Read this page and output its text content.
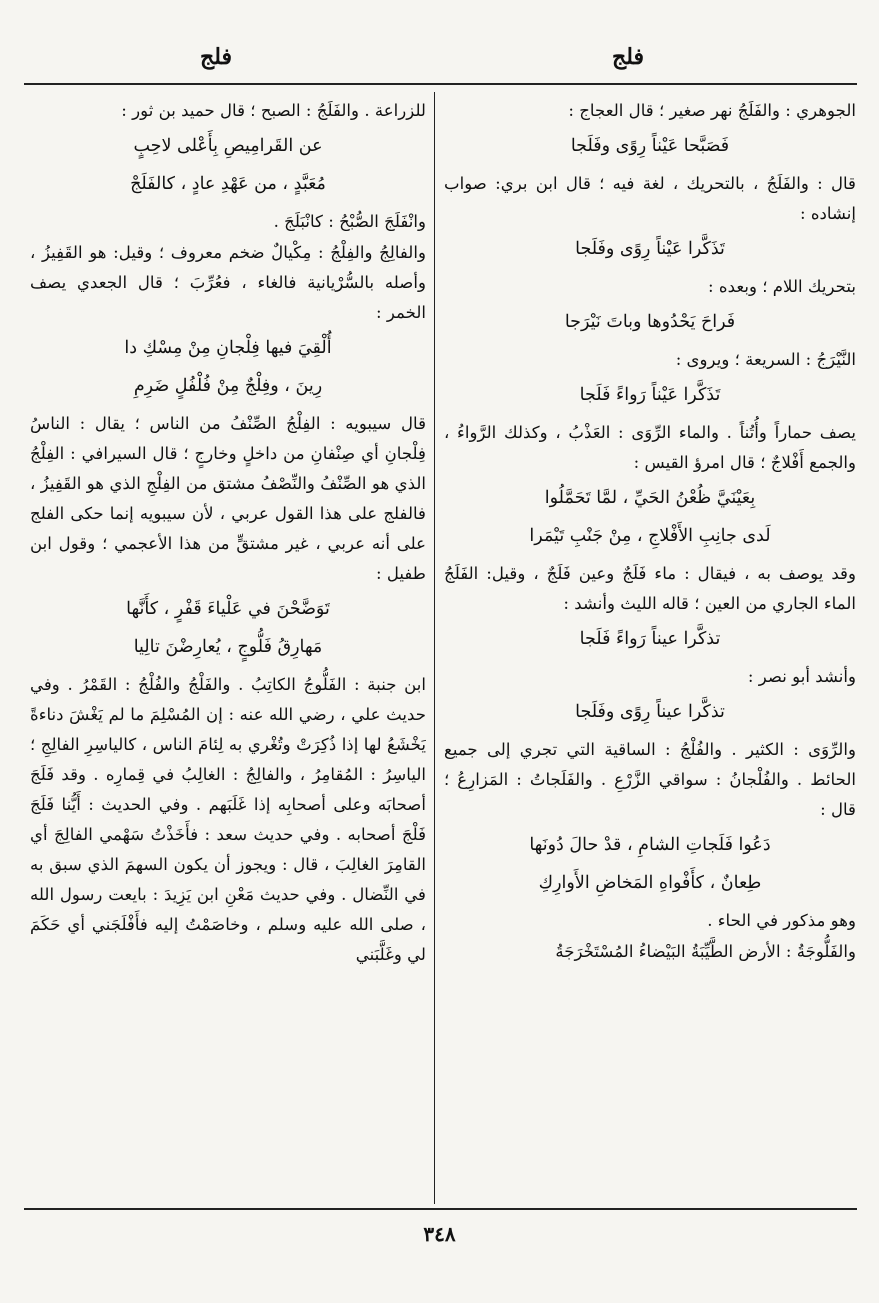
فلج
فلج
الجوهري : والفَلَجُ نهر صغير ؛ قال العجاج :
فَصَبَّحا عَيْناً رِوًى وفَلَجا
قال : والفَلَجُ ، بالتحريك ، لغة فيه ؛ قال ابن بري: صواب إنشاده :
تَذَكَّرا عَيْناً رِوًى وفَلَجا
بتحريك اللام ؛ وبعده :
فَراحَ يَحْدُوها وباتَ نَيْرَجا
النَّيْرَجُ : السريعة ؛ ويروى :
تَذَكَّرا عَيْناً رَواءً فَلَجا
يصف حماراً وأُتُناً . والماء الرِّوَى : العَذْبُ ، وكذلك الرَّواءُ ، والجمع أَفْلاجٌ ؛ قال امرؤ القيس :
بِعَيْنَيَّ ظُعْنُ الحَيِّ ، لمَّا تَحَمَّلُوا
لَدى جانِبِ الأَفْلاجِ ، مِنْ جَنْبِ تَيْمَرا
وقد يوصف به ، فيقال : ماء فَلَجٌ وعين فَلَجٌ ، وقيل: الفَلَجُ الماء الجاري من العين ؛ قاله الليث وأنشد :
تذكَّرا عيناً رَواءً فَلَجا
وأنشد أبو نصر :
تذكَّرا عيناً رِوًى وفَلَجا
والرِّوَى : الكثير . والفُلْجُ : الساقية التي تجري إلى جميع الحائط . والفُلْجانُ : سواقي الزَّرْعِ . والفَلَجاتُ : المَزارِعُ ؛ قال :
دَعُوا فَلَجاتِ الشامِ ، قدْ حالَ دُونَها
طِعانٌ ، كأَفْواهِ المَخاضِ الأَوارِكِ
وهو مذكور في الحاء .
والفَلُّوجَةُ : الأرض الطَّيِّبَةُ البَيْضاءُ المُسْتَخْرَجَةُ
للزراعة . والفَلَجُ : الصبح ؛ قال حميد بن ثور :
عن القَرامِيصِ بِأَعْلى لاحِبٍ
مُعَبَّدٍ ، من عَهْدِ عادٍ ، كالفَلَجْ
وانْفَلَجَ الصُّبْحُ : كانْبَلَجَ .
والفالِجُ والفِلْجُ : مِكْيالٌ ضخم معروف ؛ وقيل: هو القَفِيزُ ، وأصله بالسُّرْيانية فالغاء ، فعُرِّبَ ؛ قال الجعدي يصف الخمر :
أُلْقِيَ فيها فِلْجانِ مِنْ مِسْكِ دا
رِينَ ، وفِلْجٌ مِنْ فُلْفُلٍ ضَرِمِ
قال سيبويه : الفِلْجُ الصِّنْفُ من الناس ؛ يقال : الناسُ فِلْجانِ أي صِنْفانِ من داخلٍ وخارجٍ ؛ قال السيرافي : الفِلْجُ الذي هو الصِّنْفُ والنِّصْفُ مشتق من الفِلْجِ الذي هو القَفِيزُ ، فالفلج على هذا القول عربي ، لأن سيبويه إنما حكى الفلج على أنه عربي ، غير مشتقٍّ من هذا الأعجمي ؛ وقول ابن طفيل :
تَوَضَّحْنَ في عَلْياءَ قَفْرٍ ، كأَنَّها
مَهارِقُ فَلُّوجٍ ، يُعارِضْنَ تالِيا
ابن جنبة : الفَلُّوجُ الكاتِبُ . والفَلْجُ والفُلْجُ : القَمْرُ . وفي حديث علي ، رضي الله عنه : إن المُسْلِمَ ما لم يَغْشَ دناءةً يَخْشَعُ لها إذا ذُكِرَتْ وتُغْري به لِئامَ الناس ، كالياسِرِ الفالِجِ ؛ الياسِرُ : المُقامِرُ ، والفالِجُ : الغالِبُ في قِمارِه . وقد فَلَجَ أصحابَه وعلى أصحابِه إذا غَلَبَهم . وفي الحديث : أَيُّنا فَلَجَ فَلْجَ أصحابه . وفي حديث سعد : فأَخَذْتُ سَهْمي الفالِجَ أي القامِرَ الغالِبَ ، قال : ويجوز أن يكون السهمَ الذي سبق به في النِّضال . وفي حديث مَعْنِ ابن يَزِيدَ : بايعت رسول الله ، صلى الله عليه وسلم ، وخاصَمْتُ إليه فأَفْلَجَني أي حَكَمَ لي وغَلَّبَني
٣٤٨
